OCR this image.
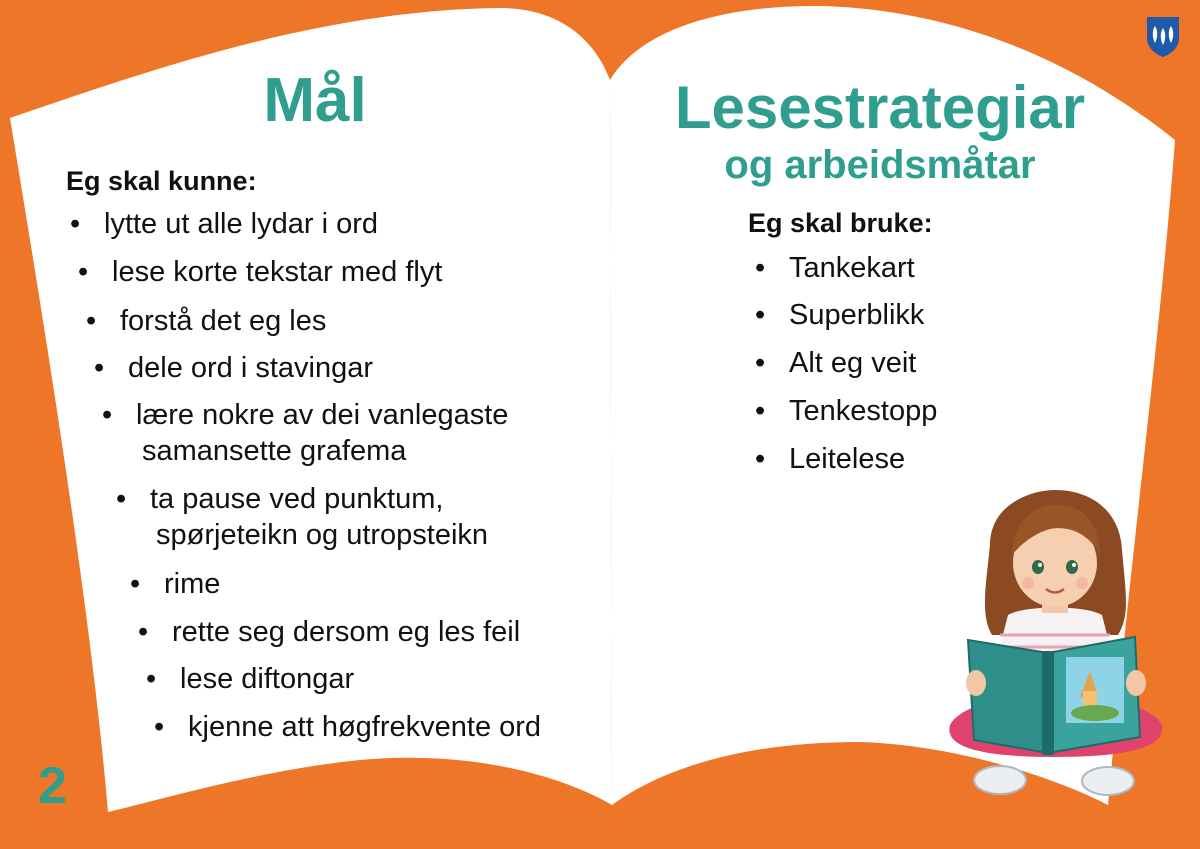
Mål
Eg skal kunne:
• lytte ut alle lydar i ord
• lese korte tekstar med flyt
• forstå det eg les
• dele ord i stavingar
• lære nokre av dei vanlegaste
samansette grafema
• ta pause ved punktum,
spørjeteikn og utropsteikn
• rime
• rette seg dersom eg les feil
• lese diftongar
• kjenne att høgfrekvente ord
Lesestrategiar
og arbeidsmåtar
Eg skal bruke:
• Tankekart
• Superblikk
• Alt eg veit
• Tenkestopp
• Leitelese
2
